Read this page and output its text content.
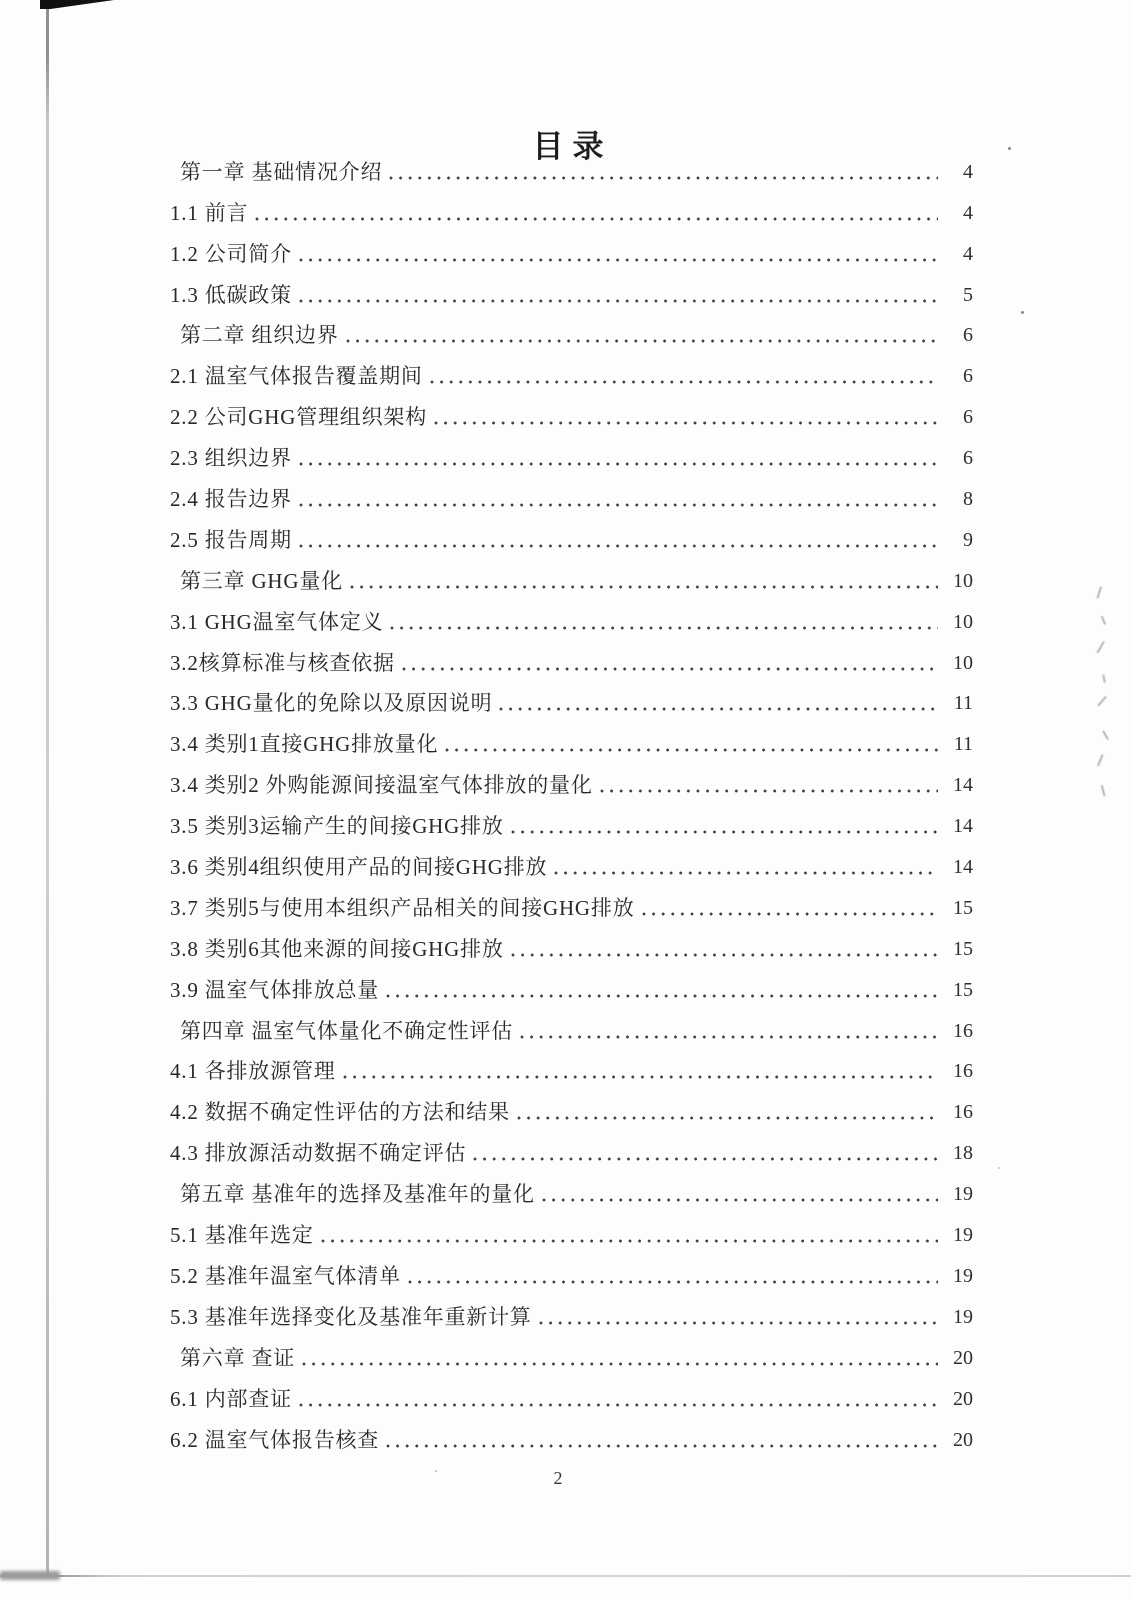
目录
第一章 基础情况介绍	4
1.1 前言	4
1.2 公司简介	4
1.3 低碳政策	5
第二章 组织边界	6
2.1 温室气体报告覆盖期间	6
2.2 公司GHG管理组织架构	6
2.3 组织边界	6
2.4 报告边界	8
2.5 报告周期	9
第三章 GHG量化	10
3.1 GHG温室气体定义	10
3.2核算标准与核查依据	10
3.3 GHG量化的免除以及原因说明	11
3.4 类别1直接GHG排放量化	11
3.4 类别2 外购能源间接温室气体排放的量化	14
3.5 类别3运输产生的间接GHG排放	14
3.6 类别4组织使用产品的间接GHG排放	14
3.7 类别5与使用本组织产品相关的间接GHG排放	15
3.8 类别6其他来源的间接GHG排放	15
3.9 温室气体排放总量	15
第四章 温室气体量化不确定性评估	16
4.1 各排放源管理	16
4.2 数据不确定性评估的方法和结果	16
4.3 排放源活动数据不确定评估	18
第五章 基准年的选择及基准年的量化	19
5.1 基准年选定	19
5.2 基准年温室气体清单	19
5.3 基准年选择变化及基准年重新计算	19
第六章 查证	20
6.1 内部查证	20
6.2 温室气体报告核查	20
2
